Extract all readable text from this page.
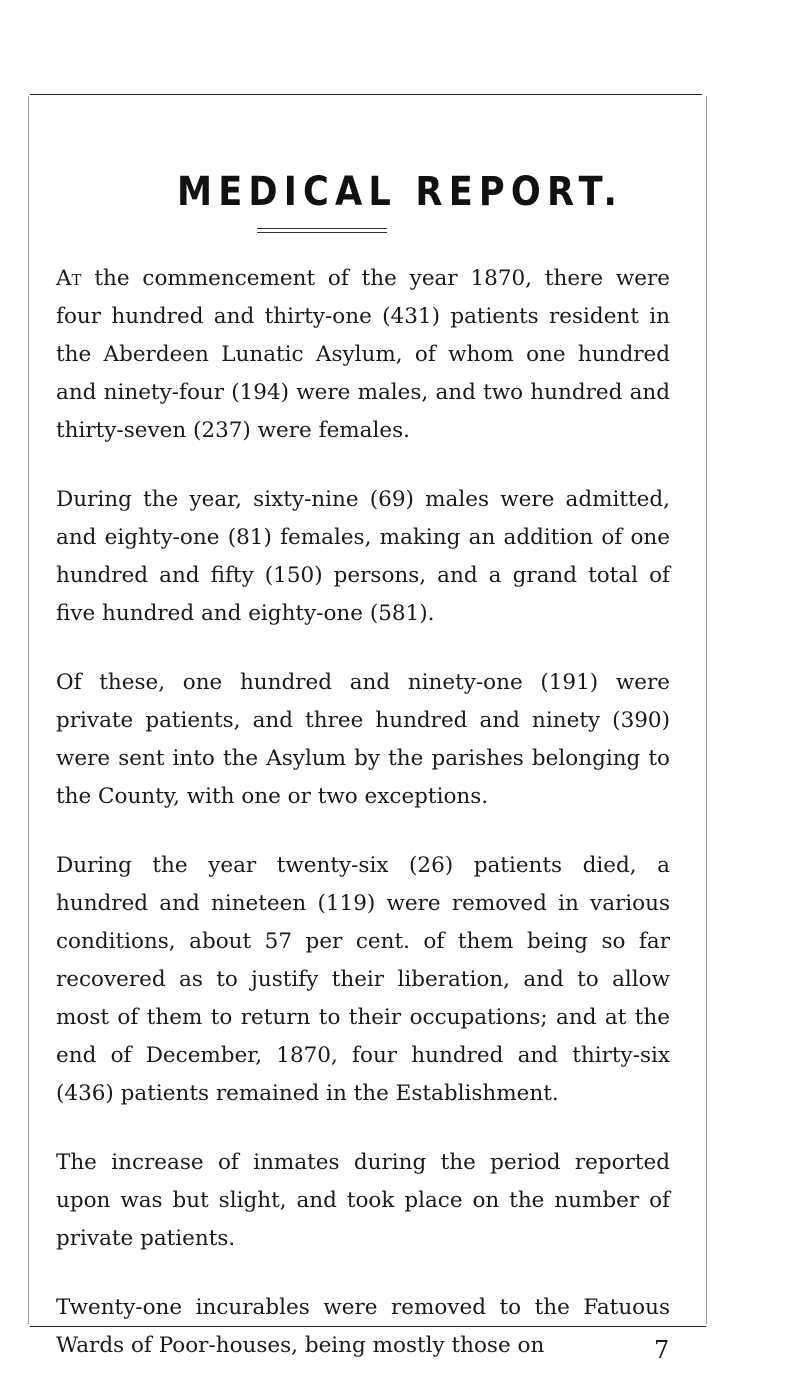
MEDICAL REPORT.

At the commencement of the year 1870, there were four hundred and thirty-one (431) patients resident in the Aberdeen Lunatic Asylum, of whom one hundred and ninety-four (194) were males, and two hundred and thirty-seven (237) were females.

During the year, sixty-nine (69) males were admitted, and eighty-one (81) females, making an addition of one hundred and fifty (150) persons, and a grand total of five hundred and eighty-one (581).

Of these, one hundred and ninety-one (191) were private patients, and three hundred and ninety (390) were sent into the Asylum by the parishes belonging to the County, with one or two exceptions.

During the year twenty-six (26) patients died, a hundred and nineteen (119) were removed in various conditions, about 57 per cent. of them being so far recovered as to justify their liberation, and to allow most of them to return to their occupations; and at the end of December, 1870, four hundred and thirty-six (436) patients remained in the Establishment.

The increase of inmates during the period reported upon was but slight, and took place on the number of private patients.

Twenty-one incurables were removed to the Fatuous Wards of Poor-houses, being mostly those on	7
